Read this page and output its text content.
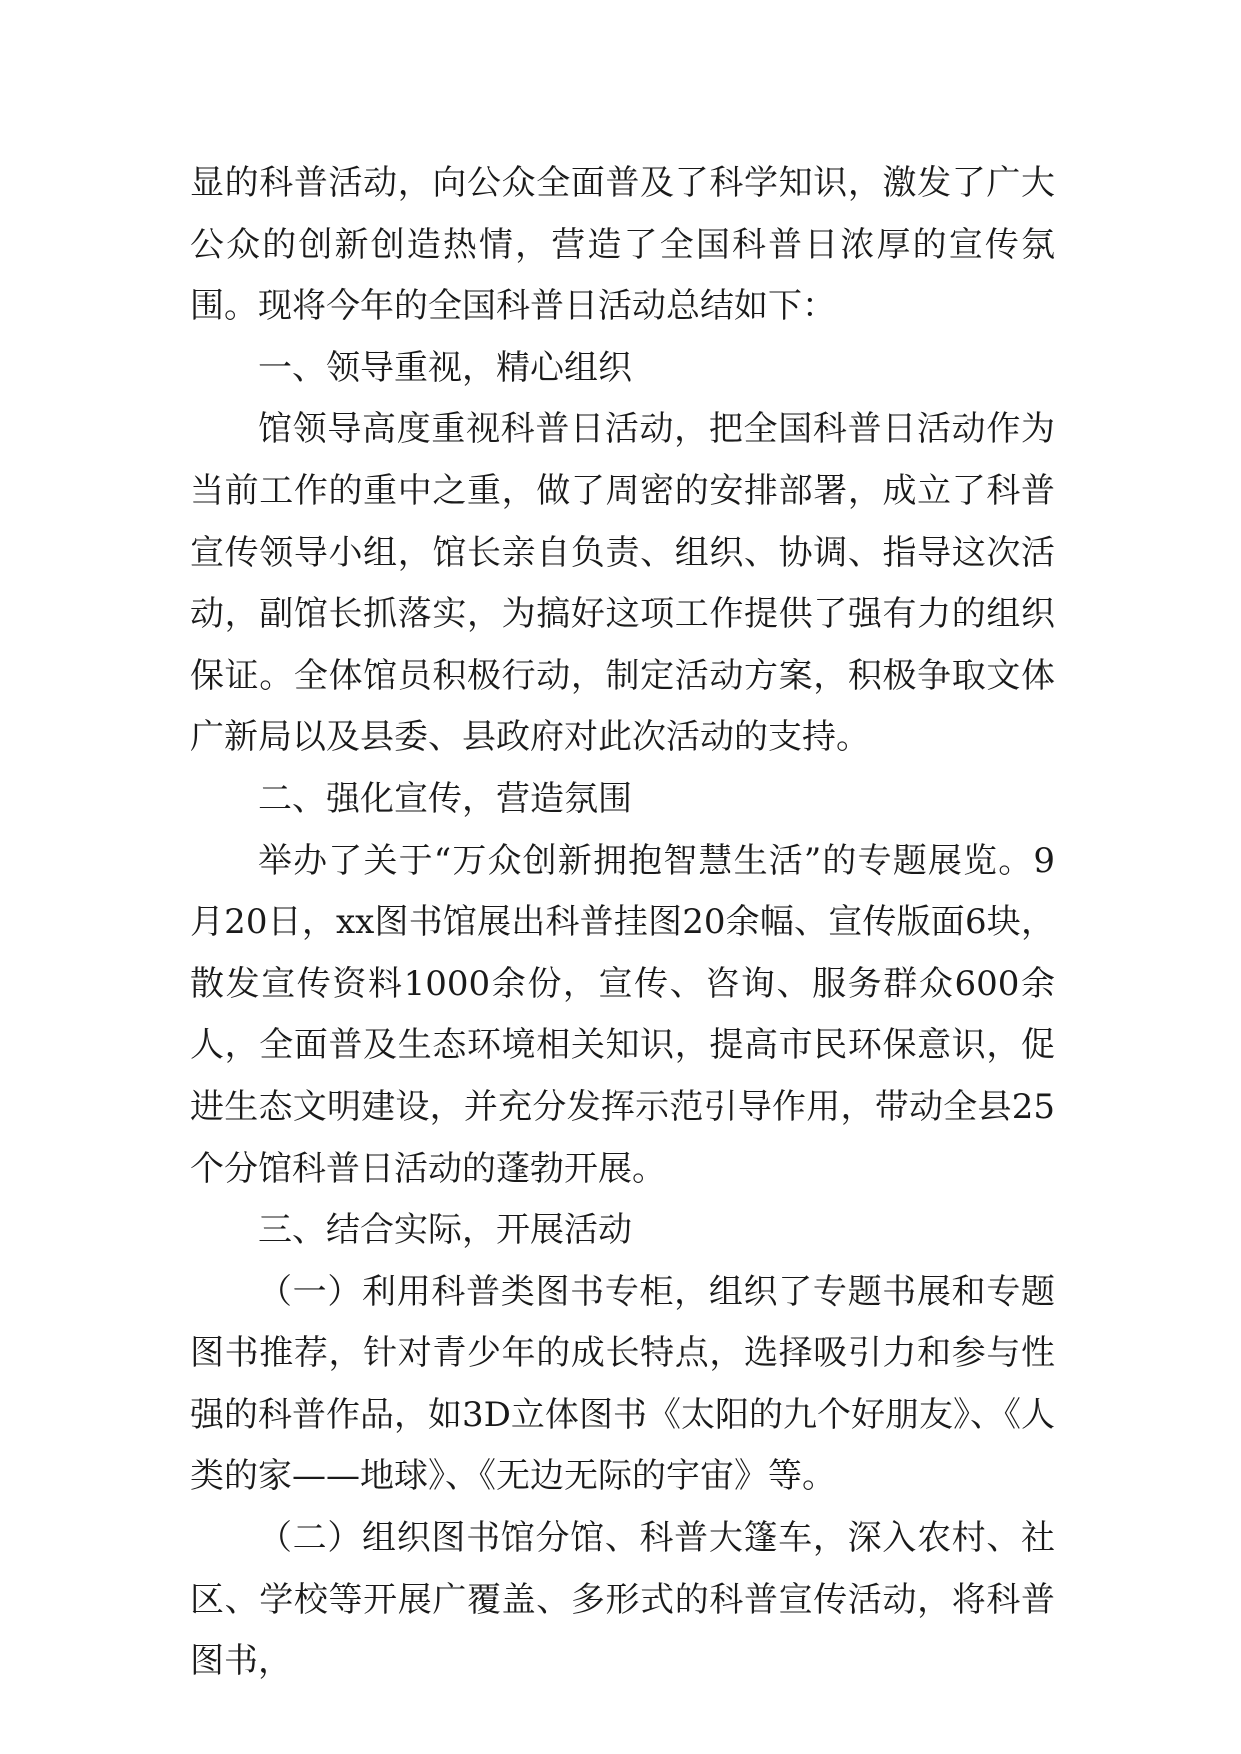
显的科普活动，向公众全面普及了科学知识，激发了广大公众的创新创造热情，营造了全国科普日浓厚的宣传氛围。现将今年的全国科普日活动总结如下：

一、领导重视，精心组织

馆领导高度重视科普日活动，把全国科普日活动作为当前工作的重中之重，做了周密的安排部署，成立了科普宣传领导小组，馆长亲自负责、组织、协调、指导这次活动，副馆长抓落实，为搞好这项工作提供了强有力的组织保证。全体馆员积极行动，制定活动方案，积极争取文体广新局以及县委、县政府对此次活动的支持。

二、强化宣传，营造氛围

举办了关于“万众创新拥抱智慧生活”的专题展览。9月20日，xx图书馆展出科普挂图20余幅、宣传版面6块，散发宣传资料1000余份，宣传、咨询、服务群众600余人，全面普及生态环境相关知识，提高市民环保意识，促进生态文明建设，并充分发挥示范引导作用，带动全县25个分馆科普日活动的蓬勃开展。

三、结合实际，开展活动

（一）利用科普类图书专柜，组织了专题书展和专题图书推荐，针对青少年的成长特点，选择吸引力和参与性强的科普作品，如3D立体图书《太阳的九个好朋友》、《人类的家——地球》、《无边无际的宇宙》等。

（二）组织图书馆分馆、科普大篷车，深入农村、社区、学校等开展广覆盖、多形式的科普宣传活动，将科普图书，
